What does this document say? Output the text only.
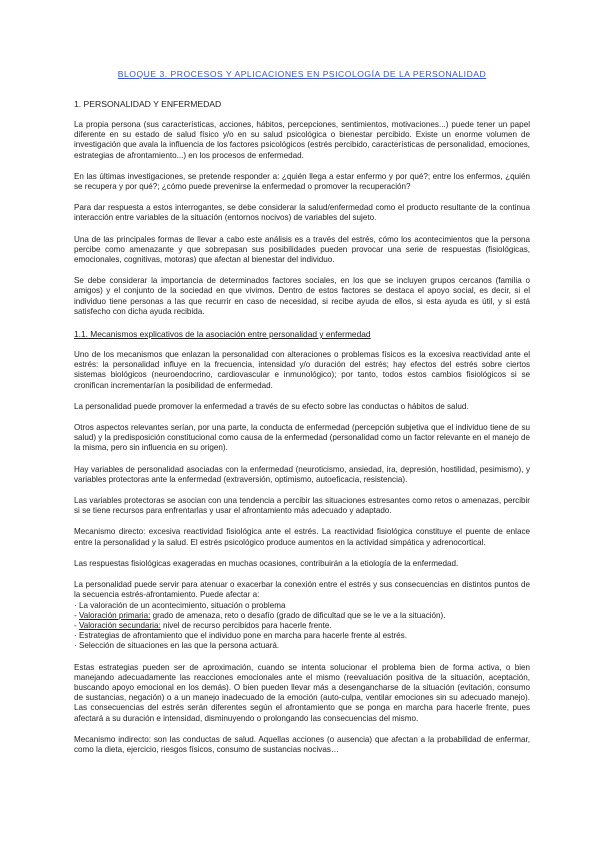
BLOQUE 3. PROCESOS Y APLICACIONES EN PSICOLOGÍA DE LA PERSONALIDAD
1. PERSONALIDAD Y ENFERMEDAD

La propia persona (sus características, acciones, hábitos, percepciones, sentimientos, motivaciones...) puede tener un papel diferente en su estado de salud físico y/o en su salud psicológica o bienestar percibido. Existe un enorme volumen de investigación que avala la influencia de los factores psicológicos (estrés percibido, características de personalidad, emociones, estrategias de afrontamiento...) en los procesos de enfermedad.

En las últimas investigaciones, se pretende responder a: ¿quién llega a estar enfermo y por qué?; entre los enfermos, ¿quién se recupera y por qué?; ¿cómo puede prevenirse la enfermedad o promover la recuperación?

Para dar respuesta a estos interrogantes, se debe considerar la salud/enfermedad como el producto resultante de la continua interacción entre variables de la situación (entornos nocivos) de variables del sujeto.

Una de las principales formas de llevar a cabo este análisis es a través del estrés, cómo los acontecimientos que la persona percibe como amenazante y que sobrepasan sus posibilidades pueden provocar una serie de respuestas (fisiológicas, emocionales, cognitivas, motoras) que afectan al bienestar del individuo.

Se debe considerar la importancia de determinados factores sociales, en los que se incluyen grupos cercanos (familia o amigos) y el conjunto de la sociedad en que vivimos. Dentro de estos factores se destaca el apoyo social, es decir, si el individuo tiene personas a las que recurrir en caso de necesidad, si recibe ayuda de ellos, si esta ayuda es útil, y si está satisfecho con dicha ayuda recibida.

1.1. Mecanismos explicativos de la asociación entre personalidad y enfermedad

Uno de los mecanismos que enlazan la personalidad con alteraciones o problemas físicos es la excesiva reactividad ante el estrés: la personalidad influye en la frecuencia, intensidad y/o duración del estrés; hay efectos del estrés sobre ciertos sistemas biológicos (neuroendocrino, cardiovascular e inmunológico); por tanto, todos estos cambios fisiológicos si se cronifican incrementarían la posibilidad de enfermedad.

La personalidad puede promover la enfermedad a través de su efecto sobre las conductas o hábitos de salud.

Otros aspectos relevantes serían, por una parte, la conducta de enfermedad (percepción subjetiva que el individuo tiene de su salud) y la predisposición constitucional como causa de la enfermedad (personalidad como un factor relevante en el manejo de la misma, pero sin influencia en su origen).

Hay variables de personalidad asociadas con la enfermedad (neuroticismo, ansiedad, ira, depresión, hostilidad, pesimismo), y variables protectoras ante la enfermedad (extraversión, optimismo, autoeficacia, resistencia).

Las variables protectoras se asocian con una tendencia a percibir las situaciones estresantes como retos o amenazas, percibir si se tiene recursos para enfrentarlas y usar el afrontamiento más adecuado y adaptado.

Mecanismo directo: excesiva reactividad fisiológica ante el estrés. La reactividad fisiológica constituye el puente de enlace entre la personalidad y la salud. El estrés psicológico produce aumentos en la actividad simpática y adrenocortical.

Las respuestas fisiológicas exageradas en muchas ocasiones, contribuirán a la etiología de la enfermedad.

La personalidad puede servir para atenuar o exacerbar la conexión entre el estrés y sus consecuencias en distintos puntos de la secuencia estrés-afrontamiento. Puede afectar a:

· La valoración de un acontecimiento, situación o problema
- Valoración primaria: grado de amenaza, reto o desafío (grado de dificultad que se le ve a la situación).
- Valoración secundaria: nivel de recurso percibidos para hacerle frente.
· Estrategias de afrontamiento que el individuo pone en marcha para hacerle frente al estrés.
· Selección de situaciones en las que la persona actuará.

Estas estrategias pueden ser de aproximación, cuando se intenta solucionar el problema bien de forma activa, o bien manejando adecuadamente las reacciones emocionales ante el mismo (reevaluación positiva de la situación, aceptación, buscando apoyo emocional en los demás). O bien pueden llevar más a desengancharse de la situación (evitación, consumo de sustancias, negación) o a un manejo inadecuado de la emoción (auto-culpa, ventilar emociones sin su adecuado manejo). Las consecuencias del estrés serán diferentes según el afrontamiento que se ponga en marcha para hacerle frente, pues afectará a su duración e intensidad, disminuyendo o prolongando las consecuencias del mismo.

Mecanismo indirecto: son las conductas de salud. Aquellas acciones (o ausencia) que afectan a la probabilidad de enfermar, como la dieta, ejercicio, riesgos físicos, consumo de sustancias nocivas…
